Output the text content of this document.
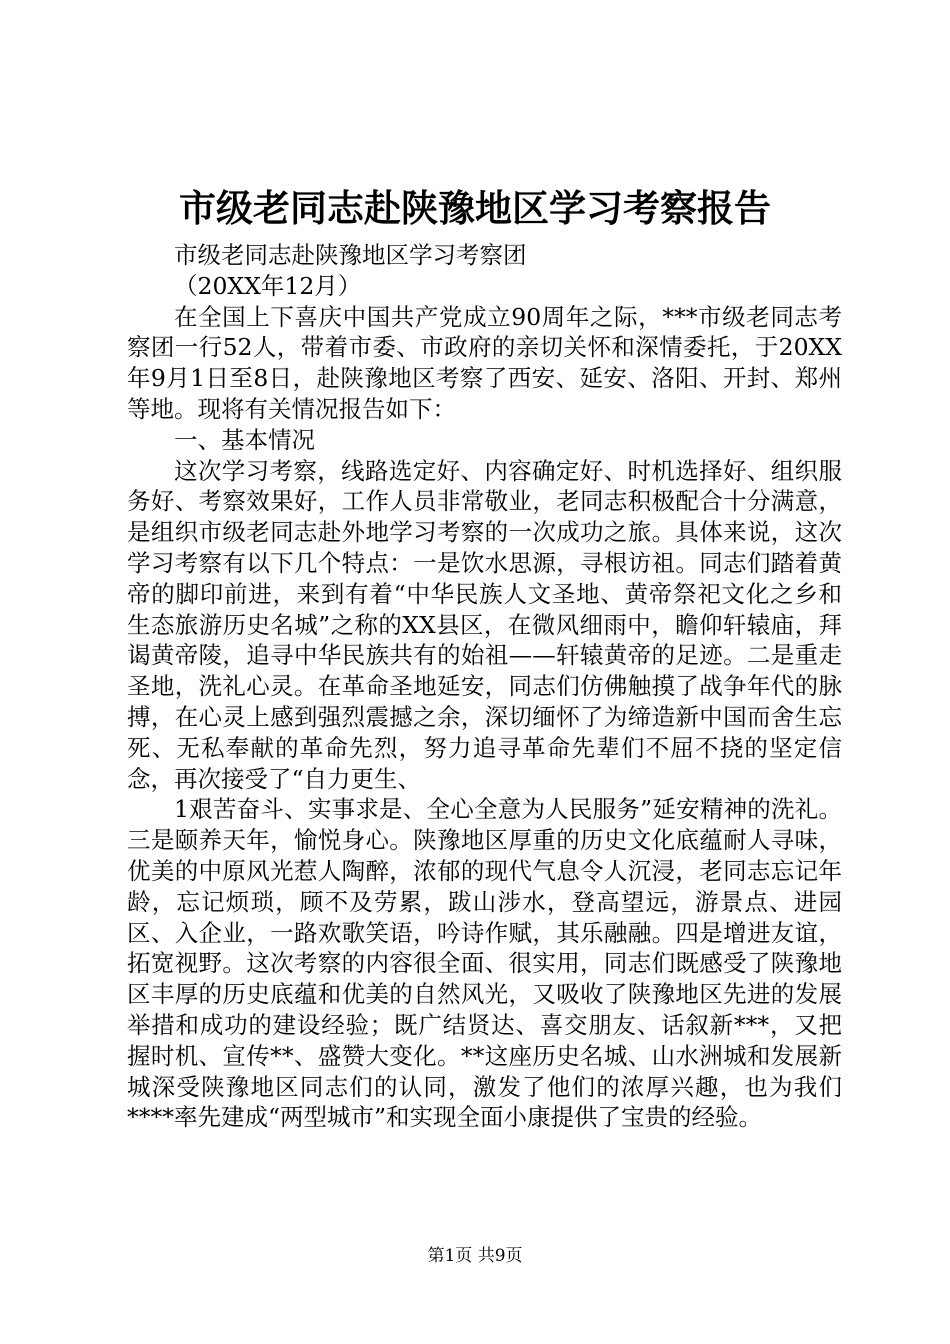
市级老同志赴陕豫地区学习考察报告

市级老同志赴陕豫地区学习考察团

（20XX年12月）

在全国上下喜庆中国共产党成立90周年之际，***市级老同志考察团一行52人，带着市委、市政府的亲切关怀和深情委托，于20XX年9月1日至8日，赴陕豫地区考察了西安、延安、洛阳、开封、郑州等地。现将有关情况报告如下：

一、基本情况

这次学习考察，线路选定好、内容确定好、时机选择好、组织服务好、考察效果好，工作人员非常敬业，老同志积极配合十分满意，是组织市级老同志赴外地学习考察的一次成功之旅。具体来说，这次学习考察有以下几个特点：一是饮水思源，寻根访祖。同志们踏着黄帝的脚印前进，来到有着“中华民族人文圣地、黄帝祭祀文化之乡和生态旅游历史名城”之称的XX县区，在微风细雨中，瞻仰轩辕庙，拜谒黄帝陵，追寻中华民族共有的始祖——轩辕黄帝的足迹。二是重走圣地，洗礼心灵。在革命圣地延安，同志们仿佛触摸了战争年代的脉搏，在心灵上感到强烈震撼之余，深切缅怀了为缔造新中国而舍生忘死、无私奉献的革命先烈，努力追寻革命先辈们不屈不挠的坚定信念，再次接受了“自力更生、

1艰苦奋斗、实事求是、全心全意为人民服务”延安精神的洗礼。三是颐养天年，愉悦身心。陕豫地区厚重的历史文化底蕴耐人寻味，优美的中原风光惹人陶醉，浓郁的现代气息令人沉浸，老同志忘记年龄，忘记烦琐，顾不及劳累，跋山涉水，登高望远，游景点、进园区、入企业，一路欢歌笑语，吟诗作赋，其乐融融。四是增进友谊，拓宽视野。这次考察的内容很全面、很实用，同志们既感受了陕豫地区丰厚的历史底蕴和优美的自然风光，又吸收了陕豫地区先进的发展举措和成功的建设经验；既广结贤达、喜交朋友、话叙新***，又把握时机、宣传**、盛赞大变化。**这座历史名城、山水洲城和发展新城深受陕豫地区同志们的认同，激发了他们的浓厚兴趣，也为我们****率先建成“两型城市”和实现全面小康提供了宝贵的经验。

第1页 共9页
